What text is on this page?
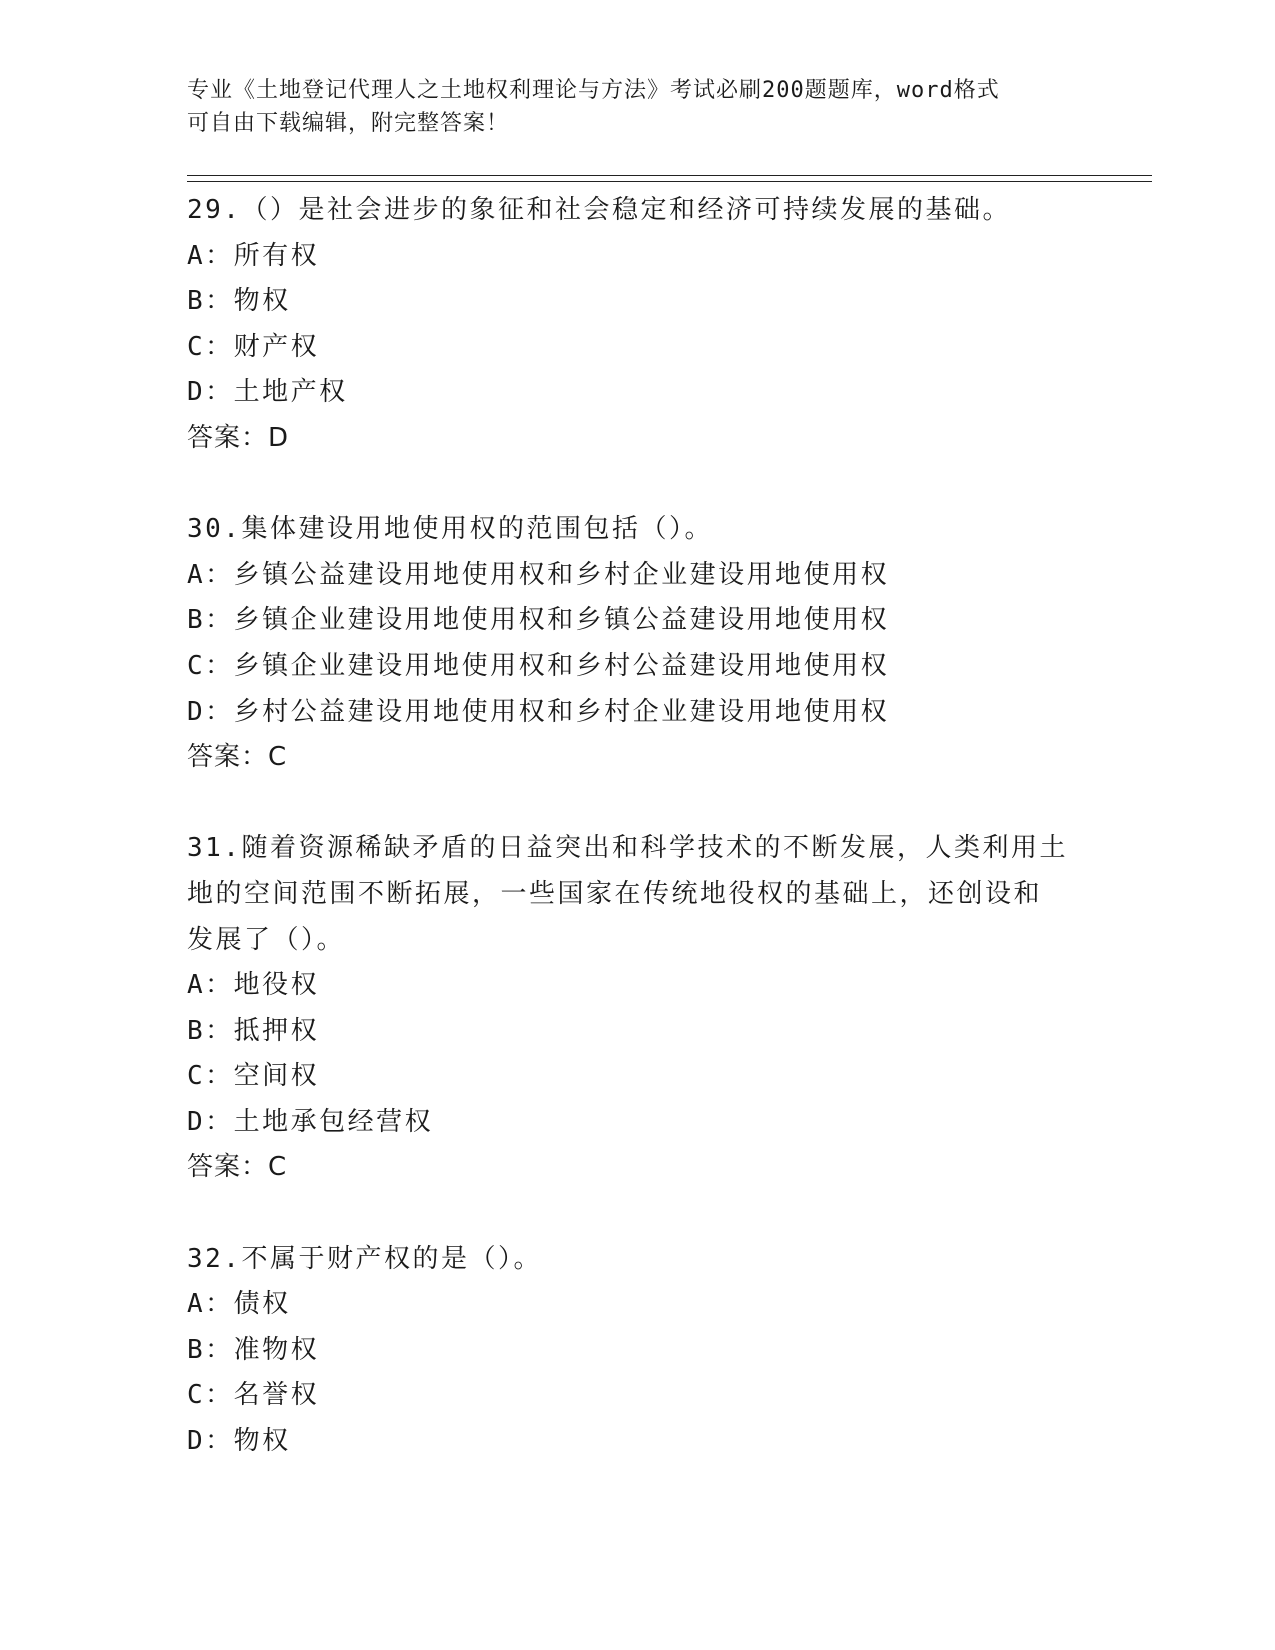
专业《土地登记代理人之土地权利理论与方法》考试必刷200题题库，word格式
可自由下载编辑，附完整答案！
29.（）是社会进步的象征和社会稳定和经济可持续发展的基础。
A：所有权
B：物权
C：财产权
D：土地产权
答案：D
30.集体建设用地使用权的范围包括（）。
A：乡镇公益建设用地使用权和乡村企业建设用地使用权
B：乡镇企业建设用地使用权和乡镇公益建设用地使用权
C：乡镇企业建设用地使用权和乡村公益建设用地使用权
D：乡村公益建设用地使用权和乡村企业建设用地使用权
答案：C
31.随着资源稀缺矛盾的日益突出和科学技术的不断发展，人类利用土
地的空间范围不断拓展，一些国家在传统地役权的基础上，还创设和
发展了（）。
A：地役权
B：抵押权
C：空间权
D：土地承包经营权
答案：C
32.不属于财产权的是（）。
A：债权
B：准物权
C：名誉权
D：物权
